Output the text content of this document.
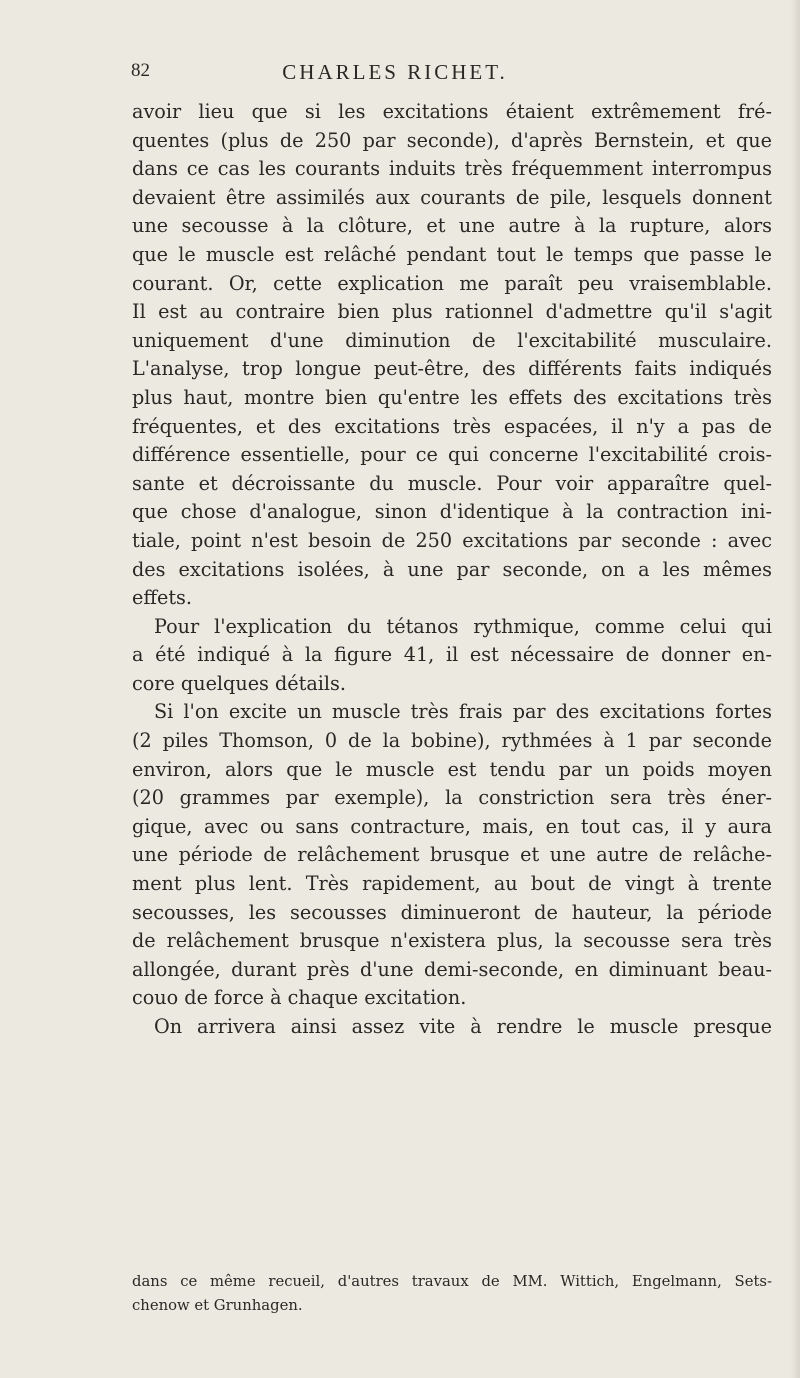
82	CHARLES RICHET.
avoir lieu que si les excitations étaient extrêmement fré-
quentes (plus de 250 par seconde), d'après Bernstein, et que
dans ce cas les courants induits très fréquemment interrompus
devaient être assimilés aux courants de pile, lesquels donnent
une secousse à la clôture, et une autre à la rupture, alors
que le muscle est relâché pendant tout le temps que passe le
courant. Or, cette explication me paraît peu vraisemblable.
Il est au contraire bien plus rationnel d'admettre qu'il s'agit
uniquement d'une diminution de l'excitabilité musculaire.
L'analyse, trop longue peut-être, des différents faits indiqués
plus haut, montre bien qu'entre les effets des excitations très
fréquentes, et des excitations très espacées, il n'y a pas de
différence essentielle, pour ce qui concerne l'excitabilité crois-
sante et décroissante du muscle. Pour voir apparaître quel-
que chose d'analogue, sinon d'identique à la contraction ini-
tiale, point n'est besoin de 250 excitations par seconde : avec
des excitations isolées, à une par seconde, on a les mêmes
effets.
Pour l'explication du tétanos rythmique, comme celui qui
a été indiqué à la figure 41, il est nécessaire de donner en-
core quelques détails.
Si l'on excite un muscle très frais par des excitations fortes
(2 piles Thomson, 0 de la bobine), rythmées à 1 par seconde
environ, alors que le muscle est tendu par un poids moyen
(20 grammes par exemple), la constriction sera très éner-
gique, avec ou sans contracture, mais, en tout cas, il y aura
une période de relâchement brusque et une autre de relâche-
ment plus lent. Très rapidement, au bout de vingt à trente
secousses, les secousses diminueront de hauteur, la période
de relâchement brusque n'existera plus, la secousse sera très
allongée, durant près d'une demi-seconde, en diminuant beau-
couo de force à chaque excitation.
On arrivera ainsi assez vite à rendre le muscle presque
dans ce même recueil, d'autres travaux de MM. Wittich, Engelmann, Sets-
chenow et Grunhagen.
